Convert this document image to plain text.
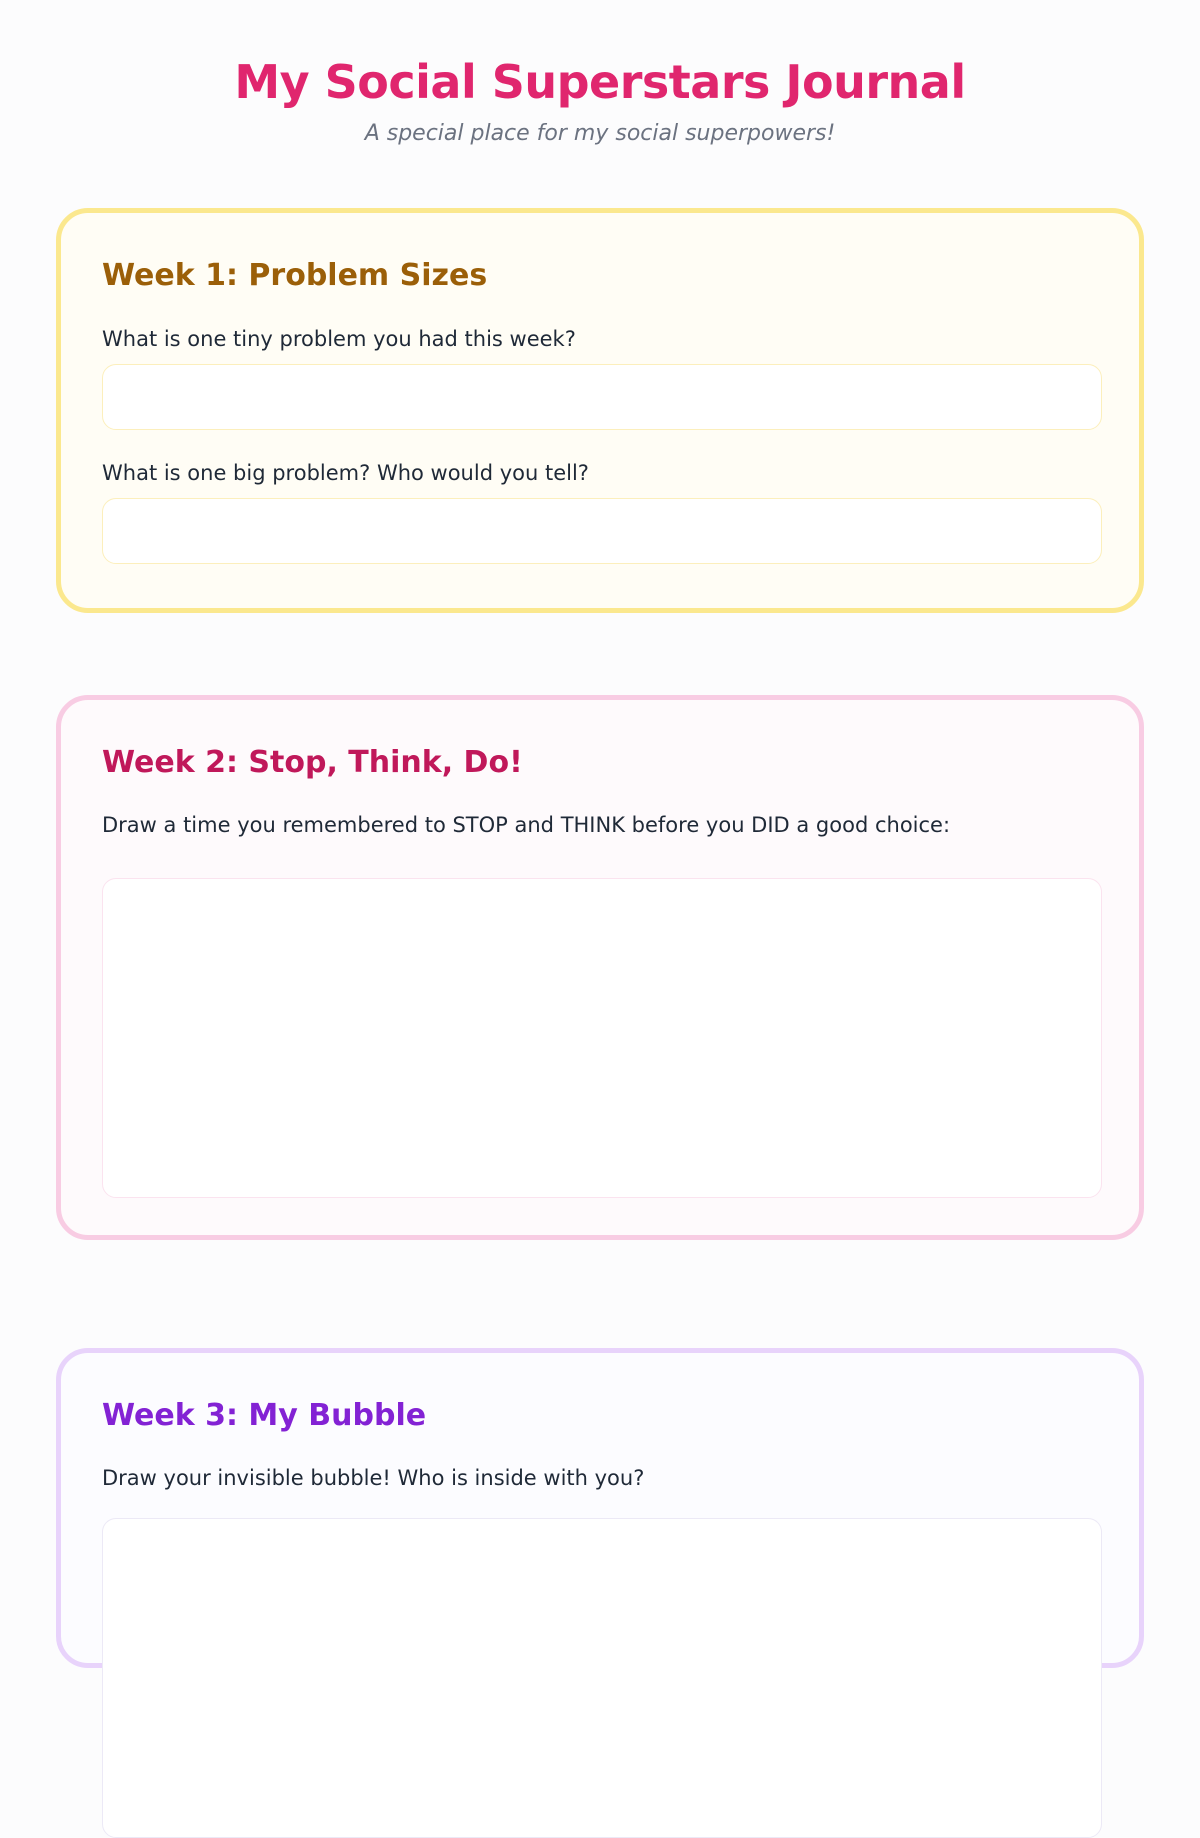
My Social Superstars Journal
A special place for my social superpowers!
Week 1: Problem Sizes
What is one tiny problem you had this week?
What is one big problem? Who would you tell?
Week 2: Stop, Think, Do!
Draw a time you remembered to STOP and THINK before you DID a good choice:
Week 3: My Bubble
Draw your invisible bubble! Who is inside with you?
